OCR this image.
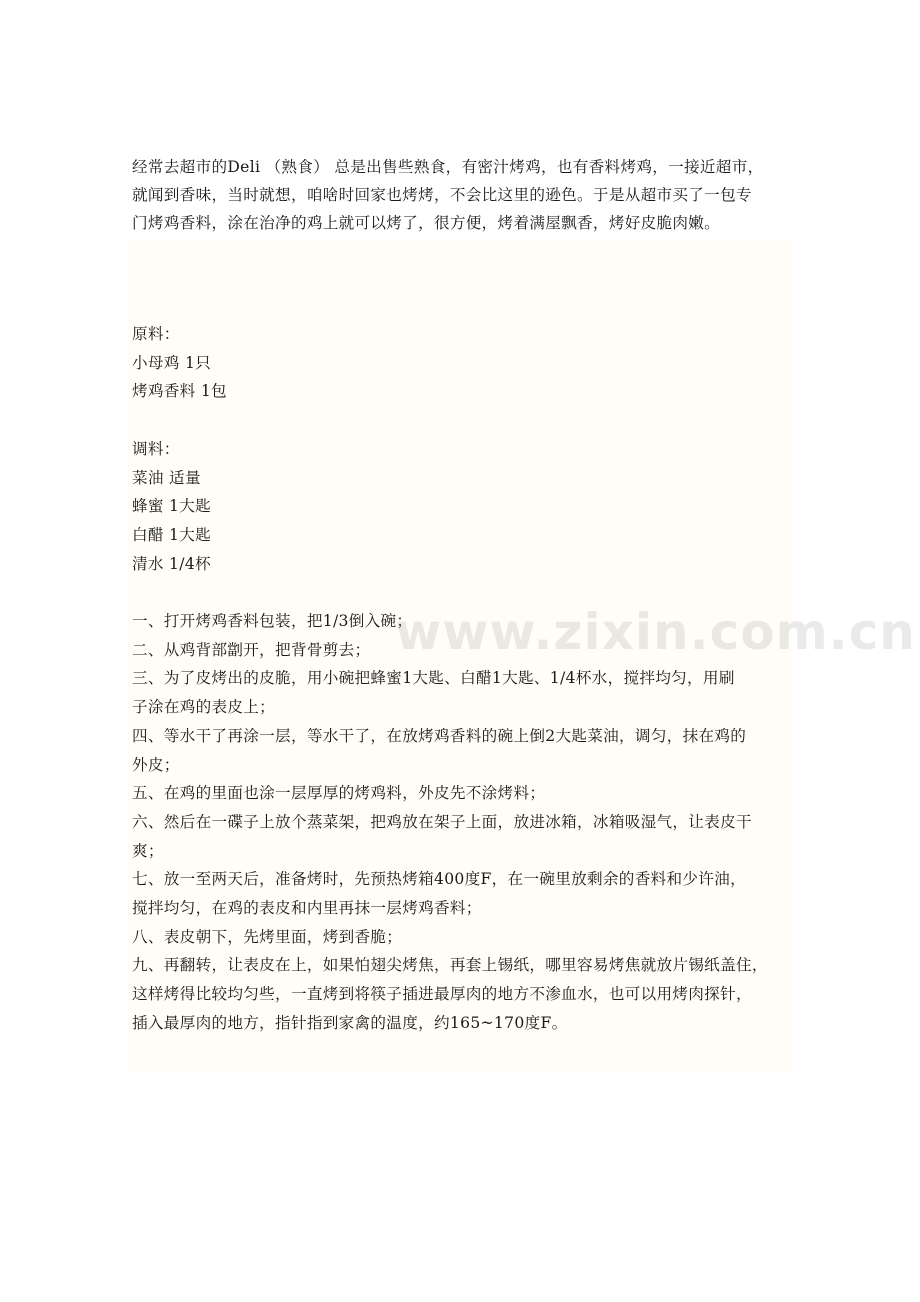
经常去超市的Deli （熟食） 总是出售些熟食，有密汁烤鸡，也有香料烤鸡，一接近超市，

就闻到香味，当时就想，咱啥时回家也烤烤，不会比这里的逊色。于是从超市买了一包专

门烤鸡香料，涂在治净的鸡上就可以烤了，很方便，烤着满屋飘香，烤好皮脆肉嫩。

原料：

小母鸡 1只

烤鸡香料 1包

调料：

菜油 适量

蜂蜜 1大匙

白醋 1大匙

清水 1/4杯

一、打开烤鸡香料包装，把1/3倒入碗；

二、从鸡背部劏开，把背骨剪去；

三、为了皮烤出的皮脆，用小碗把蜂蜜1大匙、白醋1大匙、1/4杯水，搅拌均匀，用刷

子涂在鸡的表皮上；

四、等水干了再涂一层，等水干了，在放烤鸡香料的碗上倒2大匙菜油，调匀，抹在鸡的

外皮；

五、在鸡的里面也涂一层厚厚的烤鸡料，外皮先不涂烤料；

六、然后在一碟子上放个蒸菜架，把鸡放在架子上面，放进冰箱，冰箱吸湿气，让表皮干

爽；

七、放一至两天后，准备烤时，先预热烤箱400度F，在一碗里放剩余的香料和少许油，

搅拌均匀，在鸡的表皮和内里再抹一层烤鸡香料；

八、表皮朝下，先烤里面，烤到香脆；

九、再翻转，让表皮在上，如果怕翅尖烤焦，再套上锡纸，哪里容易烤焦就放片锡纸盖住，

这样烤得比较均匀些，一直烤到将筷子插进最厚肉的地方不渗血水，也可以用烤肉探针，

插入最厚肉的地方，指针指到家禽的温度，约165~170度F。

www.zixin.com.cn
